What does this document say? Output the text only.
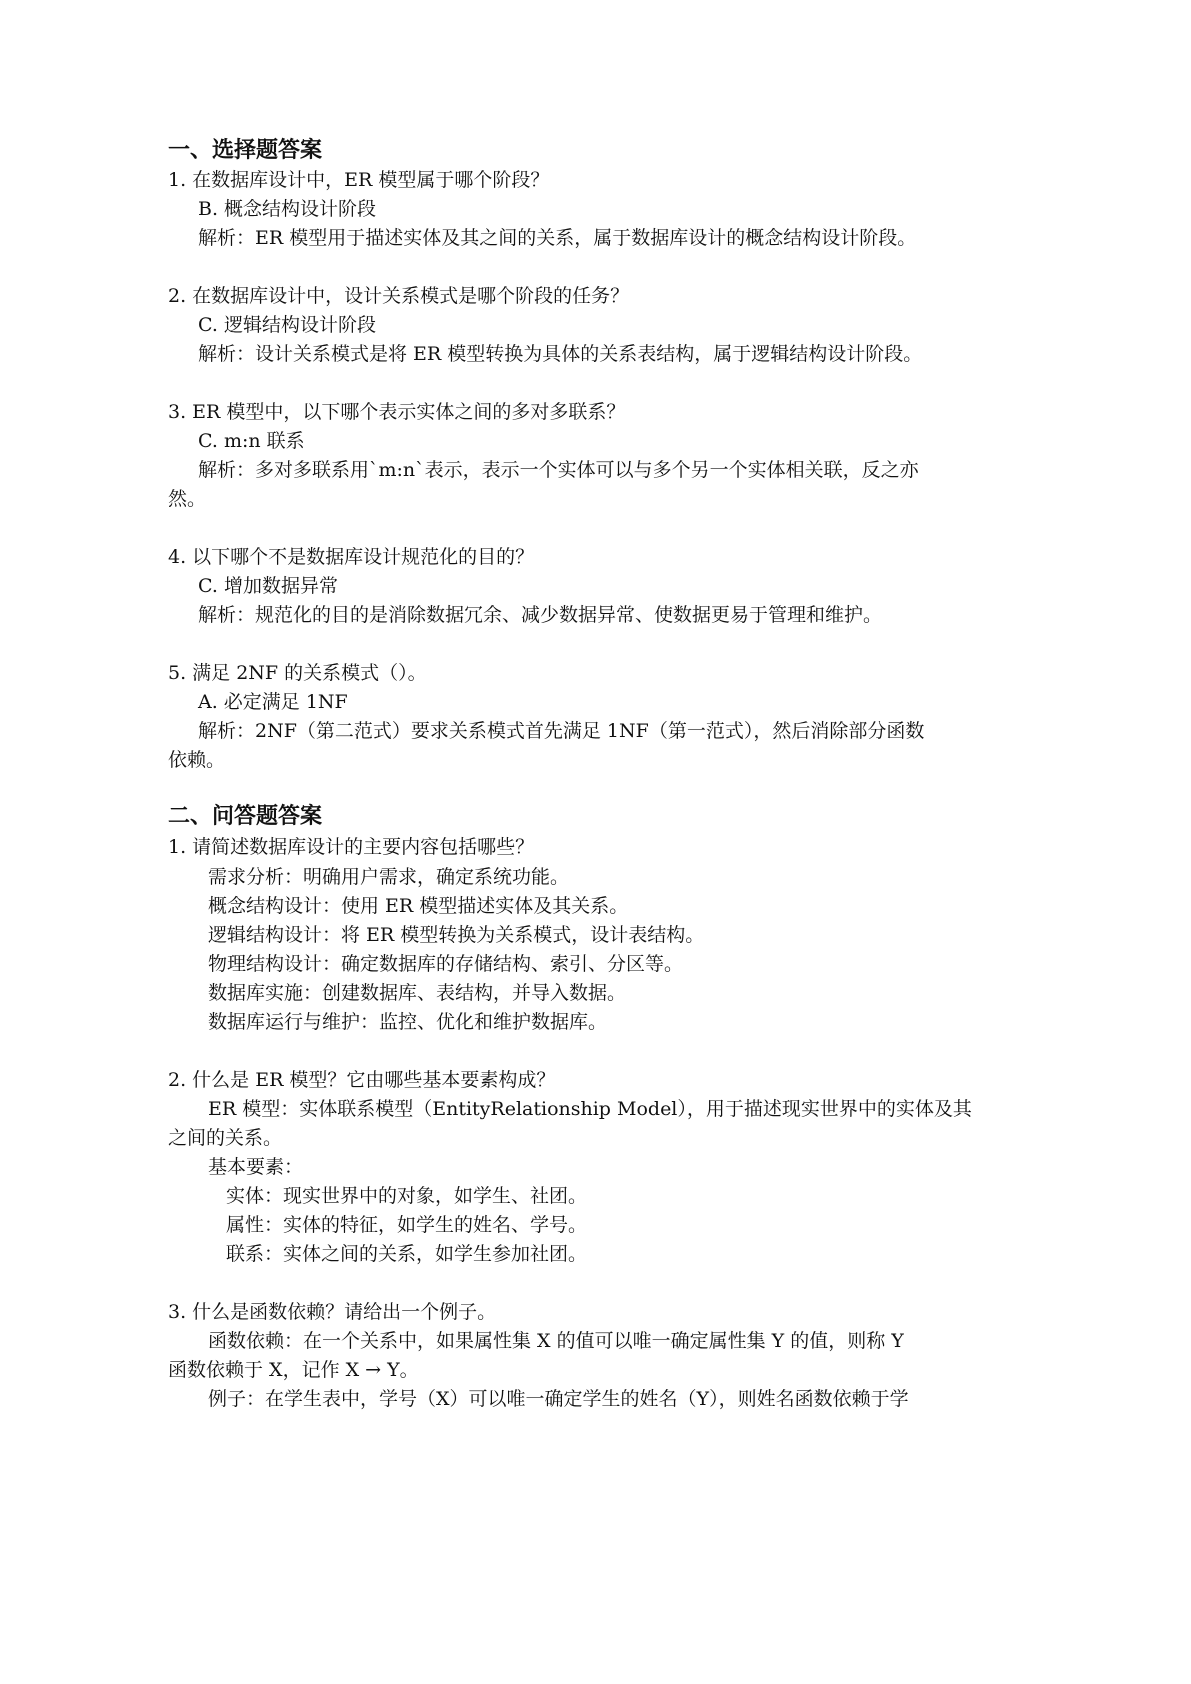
一、选择题答案
1. 在数据库设计中，ER 模型属于哪个阶段？
B. 概念结构设计阶段
解析：ER 模型用于描述实体及其之间的关系，属于数据库设计的概念结构设计阶段。
2. 在数据库设计中，设计关系模式是哪个阶段的任务？
C. 逻辑结构设计阶段
解析：设计关系模式是将 ER 模型转换为具体的关系表结构，属于逻辑结构设计阶段。
3. ER 模型中，以下哪个表示实体之间的多对多联系？
C. m:n 联系
解析：多对多联系用`m:n`表示，表示一个实体可以与多个另一个实体相关联，反之亦
然。
4. 以下哪个不是数据库设计规范化的目的？
C. 增加数据异常
解析：规范化的目的是消除数据冗余、减少数据异常、使数据更易于管理和维护。
5. 满足 2NF 的关系模式（）。
A. 必定满足 1NF
解析：2NF（第二范式）要求关系模式首先满足 1NF（第一范式），然后消除部分函数
依赖。
二、问答题答案
1. 请简述数据库设计的主要内容包括哪些？
需求分析：明确用户需求，确定系统功能。
概念结构设计：使用 ER 模型描述实体及其关系。
逻辑结构设计：将 ER 模型转换为关系模式，设计表结构。
物理结构设计：确定数据库的存储结构、索引、分区等。
数据库实施：创建数据库、表结构，并导入数据。
数据库运行与维护：监控、优化和维护数据库。
2. 什么是 ER 模型？它由哪些基本要素构成？
ER 模型：实体联系模型（EntityRelationship Model），用于描述现实世界中的实体及其
之间的关系。
基本要素：
实体：现实世界中的对象，如学生、社团。
属性：实体的特征，如学生的姓名、学号。
联系：实体之间的关系，如学生参加社团。
3. 什么是函数依赖？请给出一个例子。
函数依赖：在一个关系中，如果属性集 X 的值可以唯一确定属性集 Y 的值，则称 Y
函数依赖于 X，记作 X → Y。
例子：在学生表中，学号（X）可以唯一确定学生的姓名（Y），则姓名函数依赖于学
